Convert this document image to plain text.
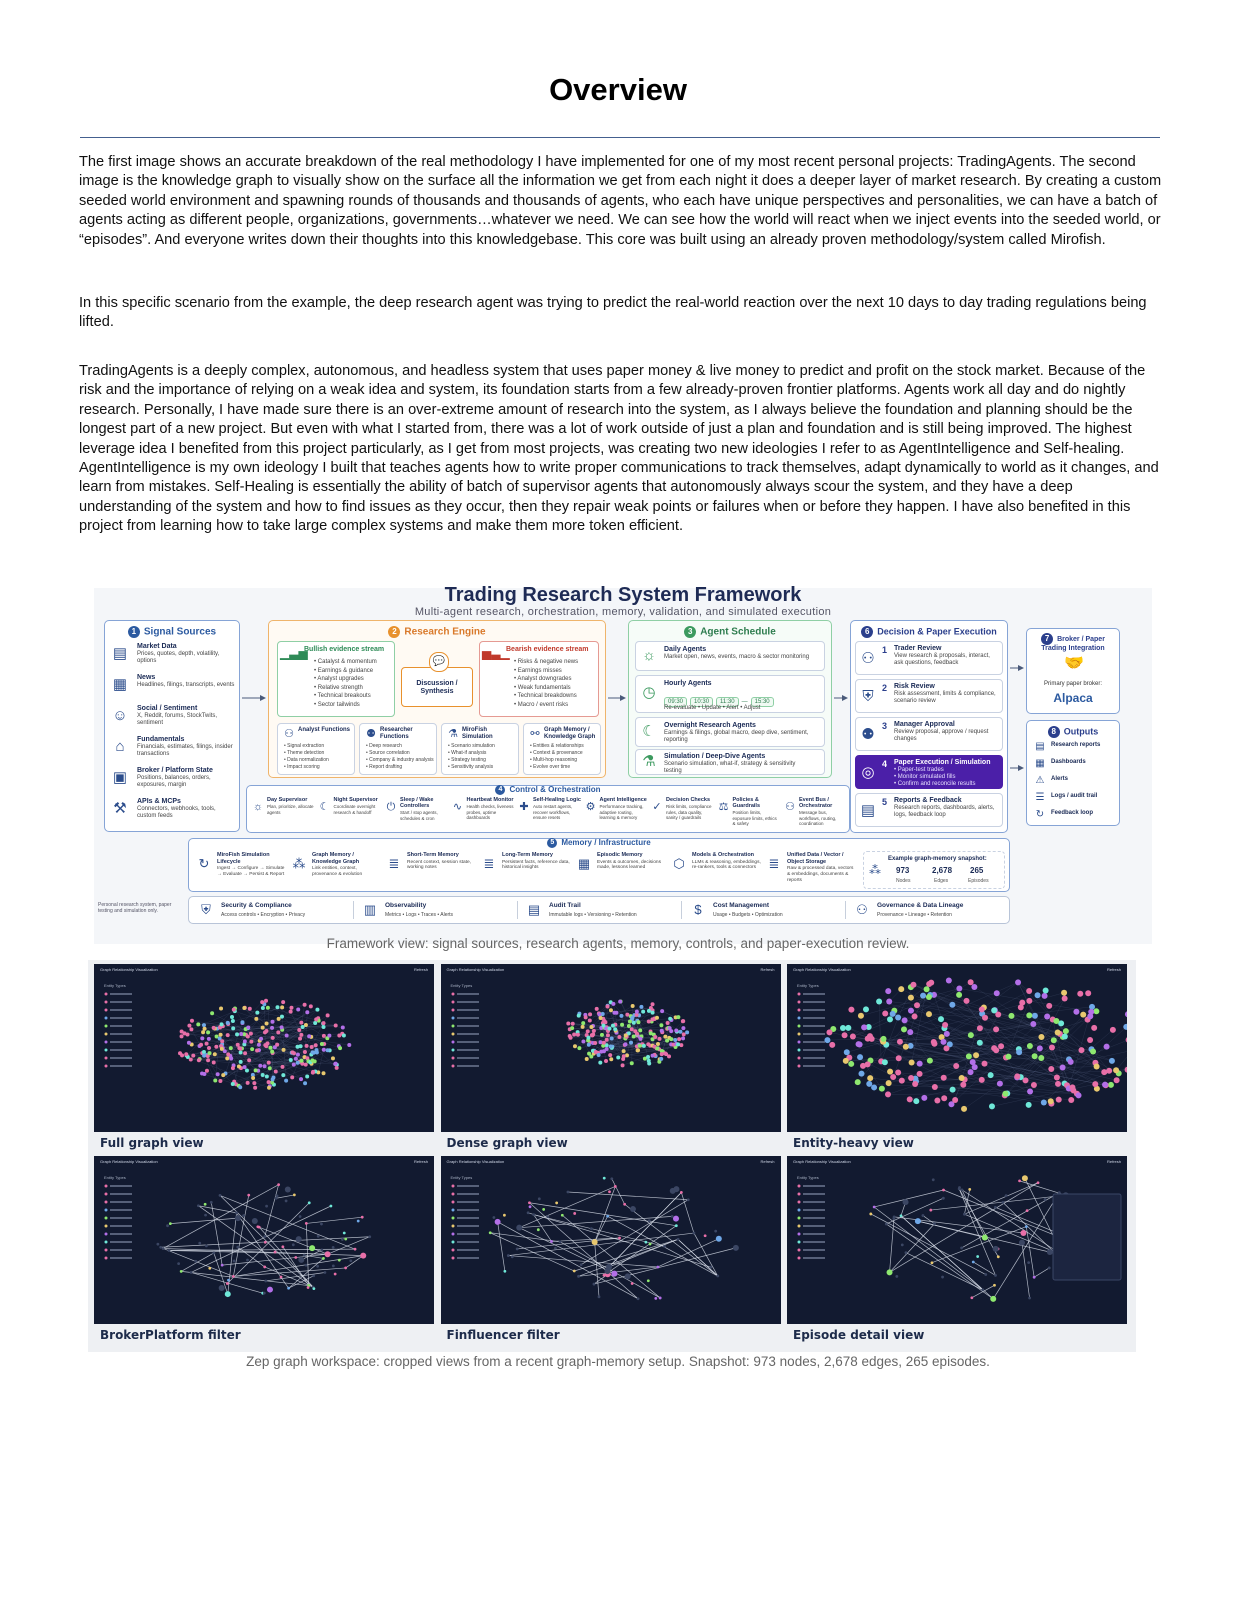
Overview
The first image shows an accurate breakdown of the real methodology I have implemented for one of my most recent personal projects: TradingAgents. The second image is the knowledge graph to visually show on the surface all the information we get from each night it does a deeper layer of market research. By creating a custom seeded world environment and spawning rounds of thousands and thousands of agents, who each have unique perspectives and personalities, we can have a batch of agents acting as different people, organizations, governments…whatever we need. We can see how the world will react when we inject events into the seeded world, or “episodes”. And everyone writes down their thoughts into this knowledgebase. This core was built using an already proven methodology/system called Mirofish.
In this specific scenario from the example, the deep research agent was trying to predict the real-world reaction over the next 10 days to day trading regulations being lifted.
TradingAgents is a deeply complex, autonomous, and headless system that uses paper money & live money to predict and profit on the stock market. Because of the risk and the importance of relying on a weak idea and system, its foundation starts from a few already-proven frontier platforms. Agents work all day and do nightly research. Personally, I have made sure there is an over-extreme amount of research into the system, as I always believe the foundation and planning should be the longest part of a new project. But even with what I started from, there was a lot of work outside of just a plan and foundation and is still being improved. The highest leverage idea I benefited from this project particularly, as I get from most projects, was creating two new ideologies I refer to as AgentIntelligence and Self-healing. AgentIntelligence is my own ideology I built that teaches agents how to write proper communications to track themselves, adapt dynamically to world as it changes, and learn from mistakes. Self-Healing is essentially the ability of batch of supervisor agents that autonomously always scour the system, and they have a deep understanding of the system and how to find issues as they occur, then they repair weak points or failures when or before they happen. I have also benefited in this project from learning how to take large complex systems and make them more token efficient.
Trading Research System Framework
Multi-agent research, orchestration, memory, validation, and simulated execution
1 Signal Sources
▤ Market Data
Prices, quotes, depth, volatility, options
▦ News
Headlines, filings, transcripts, events
☺ Social / Sentiment
X, Reddit, forums, StockTwits, sentiment
⌂	Fundamentals
Financials, estimates, filings, insider transactions
▣ Broker / Platform State
Positions, balances, orders, exposures, margin
⚒	APIs & MCPs
Connectors, webhooks, tools, custom feeds
2 Research Engine
Bullish evidence stream
▁▃▅
• Catalyst & momentum
• Earnings & guidance
• Analyst upgrades
• Relative strength
• Technical breakouts
• Sector tailwinds
Bearish evidence stream
▅▃▁
• Risks & negative news
• Earnings misses
• Analyst downgrades
• Weak fundamentals
• Technical breakdowns
• Macro / event risks
💬
Discussion / Synthesis
⚇ Analyst Functions
• Signal extraction
• Theme detection
• Data normalization
• Impact scoring
⚉ Researcher Functions
• Deep research
• Source correlation
• Company & industry analysis
• Report drafting
⚗ MiroFish Simulation
• Scenario simulation
• What-if analysis
• Strategy testing
• Sensitivity analysis
⚯ Graph Memory / Knowledge Graph
• Entities & relationships
• Context & provenance
• Multi-hop reasoning
• Evolve over time
3 Agent Schedule
☼	Daily Agents
Market open, news, events, macro & sector monitoring
◷
Hourly Agents
09:30 10:30 11:30 — 15:30
Re-evaluate • Update • Alert • Adjust
☾	Overnight Research Agents
Earnings & filings, global macro, deep dive, sentiment, reporting
⚗	Simulation / Deep-Dive Agents
Scenario simulation, what-if, strategy & sensitivity testing
4 Control & Orchestration
☼
Day Supervisor
Plan, prioritize, allocate agents	☾
Night Supervisor
Coordinate overnight research & handoff	⏻
Sleep / Wake Controllers
Start / stop agents, schedules & cron
∿
Heartbeat Monitor
Health checks, liveness probes, uptime dashboards
✚
Self-Healing Logic
Auto restart agents, recover workflows, ensure resets
⚙
Agent Intelligence
Performance tracking, adaptive routing, learning & memory
✓
Decision Checks
Risk limits, compliance rules, data quality, sanity / guardrails
⚖
Policies & Guardrails
Position limits, exposure limits, ethics & safety
⚇
Event Bus / Orchestrator
Message bus, workflows, routing, coordination
6 Decision & Paper Execution
⚇ 1 Trader Review
View research & proposals, interact, ask questions, feedback
⛨ 2 Risk Review
Risk assessment, limits & compliance, scenario review
⚉ 3 Manager Approval
Review proposal, approve / request changes
◎ 4 Paper Execution / Simulation
• Paper-test trades
• Monitor simulated fills
• Confirm and reconcile results
▤ 5 Reports & Feedback
Research reports, dashboards, alerts, logs, feedback loop
7 Broker / Paper Trading Integration
🤝
Primary paper broker:
Alpaca
8 Outputs
▤	Research reports
▦	Dashboards
⚠	Alerts
☰	Logs / audit trail
↻	Feedback loop
5 Memory / Infrastructure
↻
MiroFish Simulation Lifecycle
Ingest → Configure → Simulate → Evaluate → Persist & Report
⁂
Graph Memory / Knowledge Graph
Link entities, context, provenance & evolution
≣
Short-Term Memory
Recent context, session state, working notes	≣
Long-Term Memory
Persistent facts, reference data, historical insights	▦
Episodic Memory
Events & outcomes, decisions made, lessons learned	⬡
Models & Orchestration
LLMs & reasoning, embeddings, re-rankers, tools & connectors ≣
Unified Data / Vector / Object Storage
Raw & processed data, vectors & embeddings, documents & reports
⁂
Example graph-memory snapshot:
973	2,678 265
Nodes	Edges	Episodes
Personal research system, paper testing and simulation only.	⛨	Security & Compliance
Access controls • Encryption • Privacy	▥	Observability
Metrics • Logs • Traces • Alerts	▤	Audit Trail
Immutable logs • Versioning • Retention	$	Cost Management
Usage • Budgets • Optimization	⚇	Governance & Data Lineage
Provenance • Lineage • Retention
Framework view: signal sources, research agents, memory, controls, and paper-execution review.
Graph Relationship Visualization	Refresh
Entity Types
Full graph view
Graph Relationship Visualization	Refresh
Entity Types
Dense graph view
Graph Relationship Visualization	Refresh
Entity Types
Entity-heavy view
Graph Relationship Visualization	Refresh
Entity Types
BrokerPlatform filter
Graph Relationship Visualization	Refresh
Entity Types
Finfluencer filter
Graph Relationship Visualization	Refresh
Entity Types
Episode detail view
Zep graph workspace: cropped views from a recent graph-memory setup. Snapshot: 973 nodes, 2,678 edges, 265 episodes.
